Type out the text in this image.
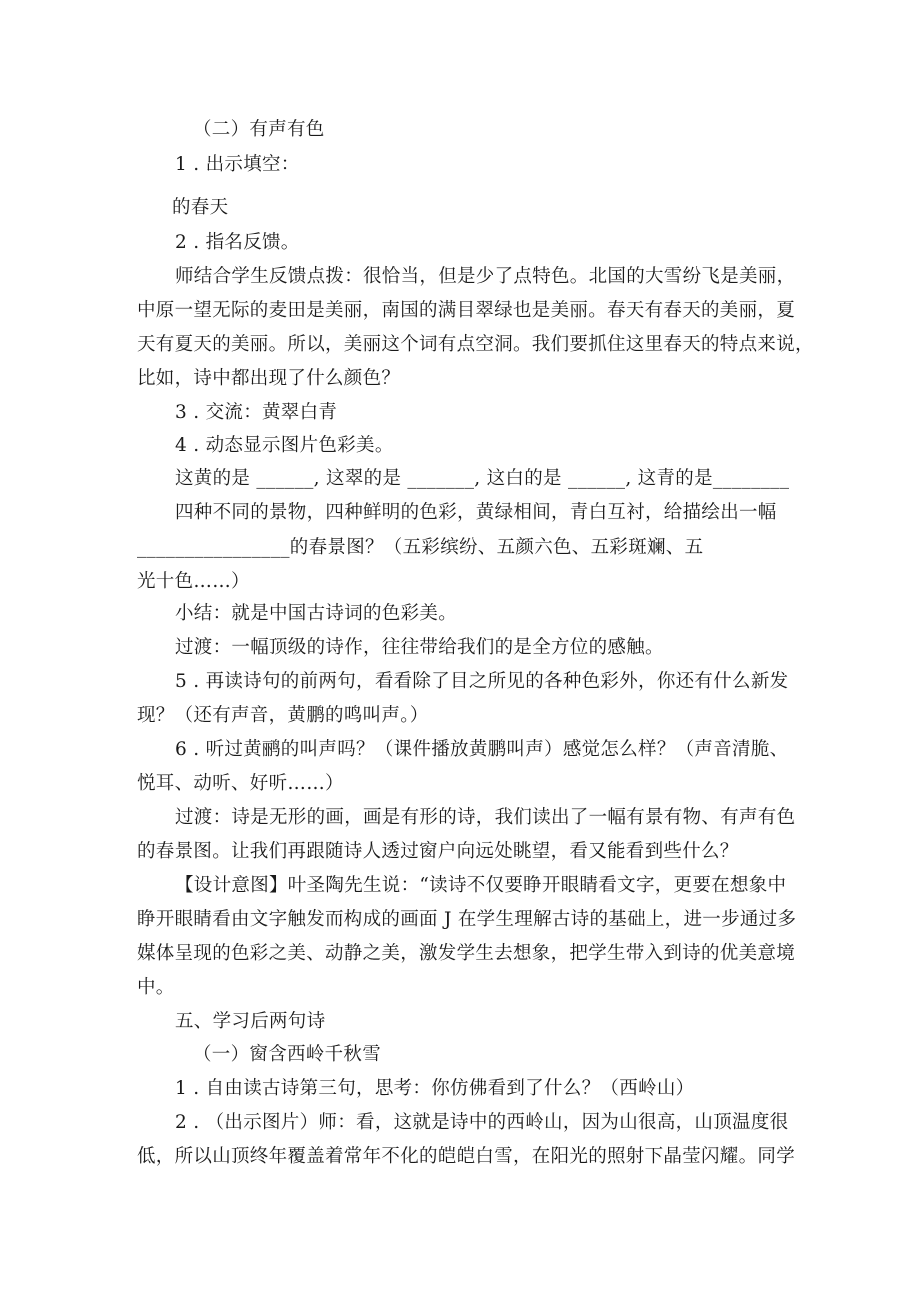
（二）有声有色
1 . 出示填空：
的春天
2 . 指名反馈。
师结合学生反馈点拨：很恰当，但是少了点特色。北国的大雪纷飞是美丽，
中原一望无际的麦田是美丽，南国的满目翠绿也是美丽。春天有春天的美丽，夏
天有夏天的美丽。所以，美丽这个词有点空洞。我们要抓住这里春天的特点来说，
比如，诗中都出现了什么颜色？
3 . 交流：黄翠白青
4 . 动态显示图片色彩美。
这黄的是 ______, 这翠的是 _______, 这白的是 ______, 这青的是________
四种不同的景物，四种鲜明的色彩，黄绿相间，青白互衬，给描绘出一幅
________________的春景图？（五彩缤纷、五颜六色、五彩斑斓、五
光十色……）
小结：就是中国古诗词的色彩美。
过渡：一幅顶级的诗作，往往带给我们的是全方位的感触。
5 . 再读诗句的前两句，看看除了目之所见的各种色彩外，你还有什么新发
现？（还有声音，黄鹏的鸣叫声。）
6 . 听过黄鹂的叫声吗？（课件播放黄鹏叫声）感觉怎么样？（声音清脆、
悦耳、动听、好听……）
过渡：诗是无形的画，画是有形的诗，我们读出了一幅有景有物、有声有色
的春景图。让我们再跟随诗人透过窗户向远处眺望，看又能看到些什么？
【设计意图】叶圣陶先生说：“读诗不仅要睁开眼睛看文字，更要在想象中
睁开眼睛看由文字触发而构成的画面 J 在学生理解古诗的基础上，进一步通过多
媒体呈现的色彩之美、动静之美，激发学生去想象，把学生带入到诗的优美意境
中。
五、学习后两句诗
（一）窗含西岭千秋雪
1 . 自由读古诗第三句，思考：你仿佛看到了什么？（西岭山）
2 . （出示图片）师：看，这就是诗中的西岭山，因为山很高，山顶温度很
低，所以山顶终年覆盖着常年不化的皑皑白雪，在阳光的照射下晶莹闪耀。同学
